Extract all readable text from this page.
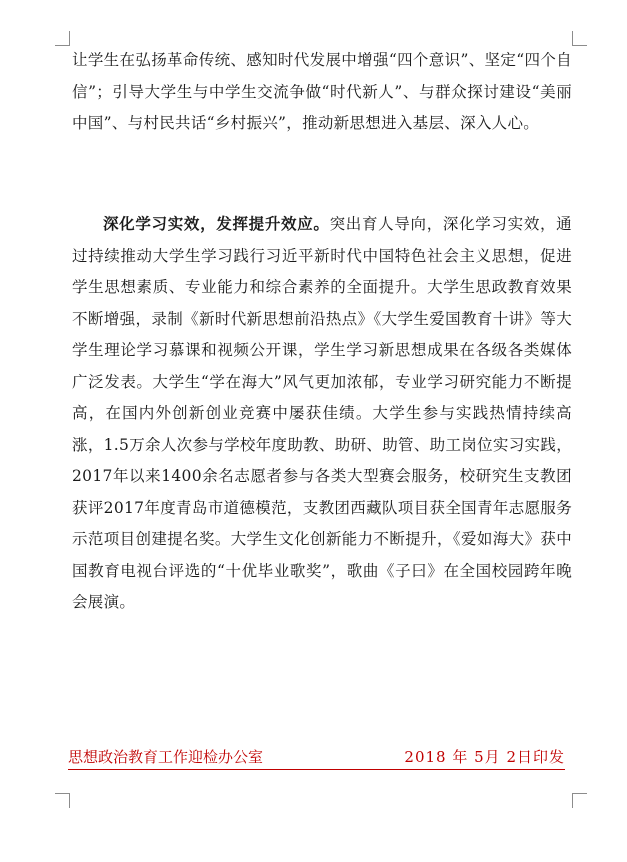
让学生在弘扬革命传统、感知时代发展中增强“四个意识”、坚定“四个自信”；引导大学生与中学生交流争做“时代新人”、与群众探讨建设“美丽中国”、与村民共话“乡村振兴”，推动新思想进入基层、深入人心。

深化学习实效，发挥提升效应。突出育人导向，深化学习实效，通过持续推动大学生学习践行习近平新时代中国特色社会主义思想，促进学生思想素质、专业能力和综合素养的全面提升。大学生思政教育效果不断增强，录制《新时代新思想前沿热点》《大学生爱国教育十讲》等大学生理论学习慕课和视频公开课，学生学习新思想成果在各级各类媒体广泛发表。大学生“学在海大”风气更加浓郁，专业学习研究能力不断提高，在国内外创新创业竞赛中屡获佳绩。大学生参与实践热情持续高涨，1.5万余人次参与学校年度助教、助研、助管、助工岗位实习实践，2017年以来1400余名志愿者参与各类大型赛会服务，校研究生支教团获评2017年度青岛市道德模范，支教团西藏队项目获全国青年志愿服务示范项目创建提名奖。大学生文化创新能力不断提升，《爱如海大》获中国教育电视台评选的“十优毕业歌奖”，歌曲《子曰》在全国校园跨年晚会展演。

思想政治教育工作迎检办公室	2018 年 5月 2日印发
